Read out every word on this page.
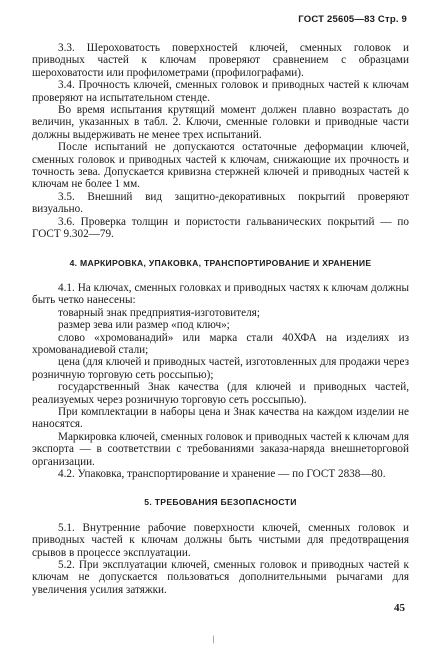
ГОСТ 25605—83 Стр. 9

3.3. Шероховатость поверхностей ключей, сменных головок и приводных частей к ключам проверяют сравнением с образцами шероховатости или профилометрами (профилографами).

3.4. Прочность ключей, сменных головок и приводных частей к ключам проверяют на испытательном стенде.

Во время испытания крутящий момент должен плавно возрастать до величин, указанных в табл. 2. Ключи, сменные головки и приводные части должны выдерживать не менее трех испытаний.

После испытаний не допускаются остаточные деформации ключей, сменных головок и приводных частей к ключам, снижающие их прочность и точность зева. Допускается кривизна стержней ключей и приводных частей к ключам не более 1 мм.

3.5. Внешний вид защитно-декоративных покрытий проверяют визуально.

3.6. Проверка толщин и пористости гальванических покрытий — по ГОСТ 9.302—79.

4. МАРКИРОВКА, УПАКОВКА, ТРАНСПОРТИРОВАНИЕ И ХРАНЕНИЕ

4.1. На ключах, сменных головках и приводных частях к ключам должны быть четко нанесены:

товарный знак предприятия-изготовителя;

размер зева или размер «под ключ»;

слово «хромованадий» или марка стали 40ХФА на изделиях из хромованадиевой стали;

цена (для ключей и приводных частей, изготовленных для продажи через розничную торговую сеть россыпью);

государственный Знак качества (для ключей и приводных частей, реализуемых через розничную торговую сеть россыпью).

При комплектации в наборы цена и Знак качества на каждом изделии не наносятся.

Маркировка ключей, сменных головок и приводных частей к ключам для экспорта — в соответствии с требованиями заказа-наряда внешнеторговой организации.

4.2. Упаковка, транспортирование и хранение — по ГОСТ 2838—80.

5. ТРЕБОВАНИЯ БЕЗОПАСНОСТИ

5.1. Внутренние рабочие поверхности ключей, сменных головок и приводных частей к ключам должны быть чистыми для предотвращения срывов в процессе эксплуатации.

5.2. При эксплуатации ключей, сменных головок и приводных частей к ключам не допускается пользоваться дополнительными рычагами для увеличения усилия затяжки.

45
/
